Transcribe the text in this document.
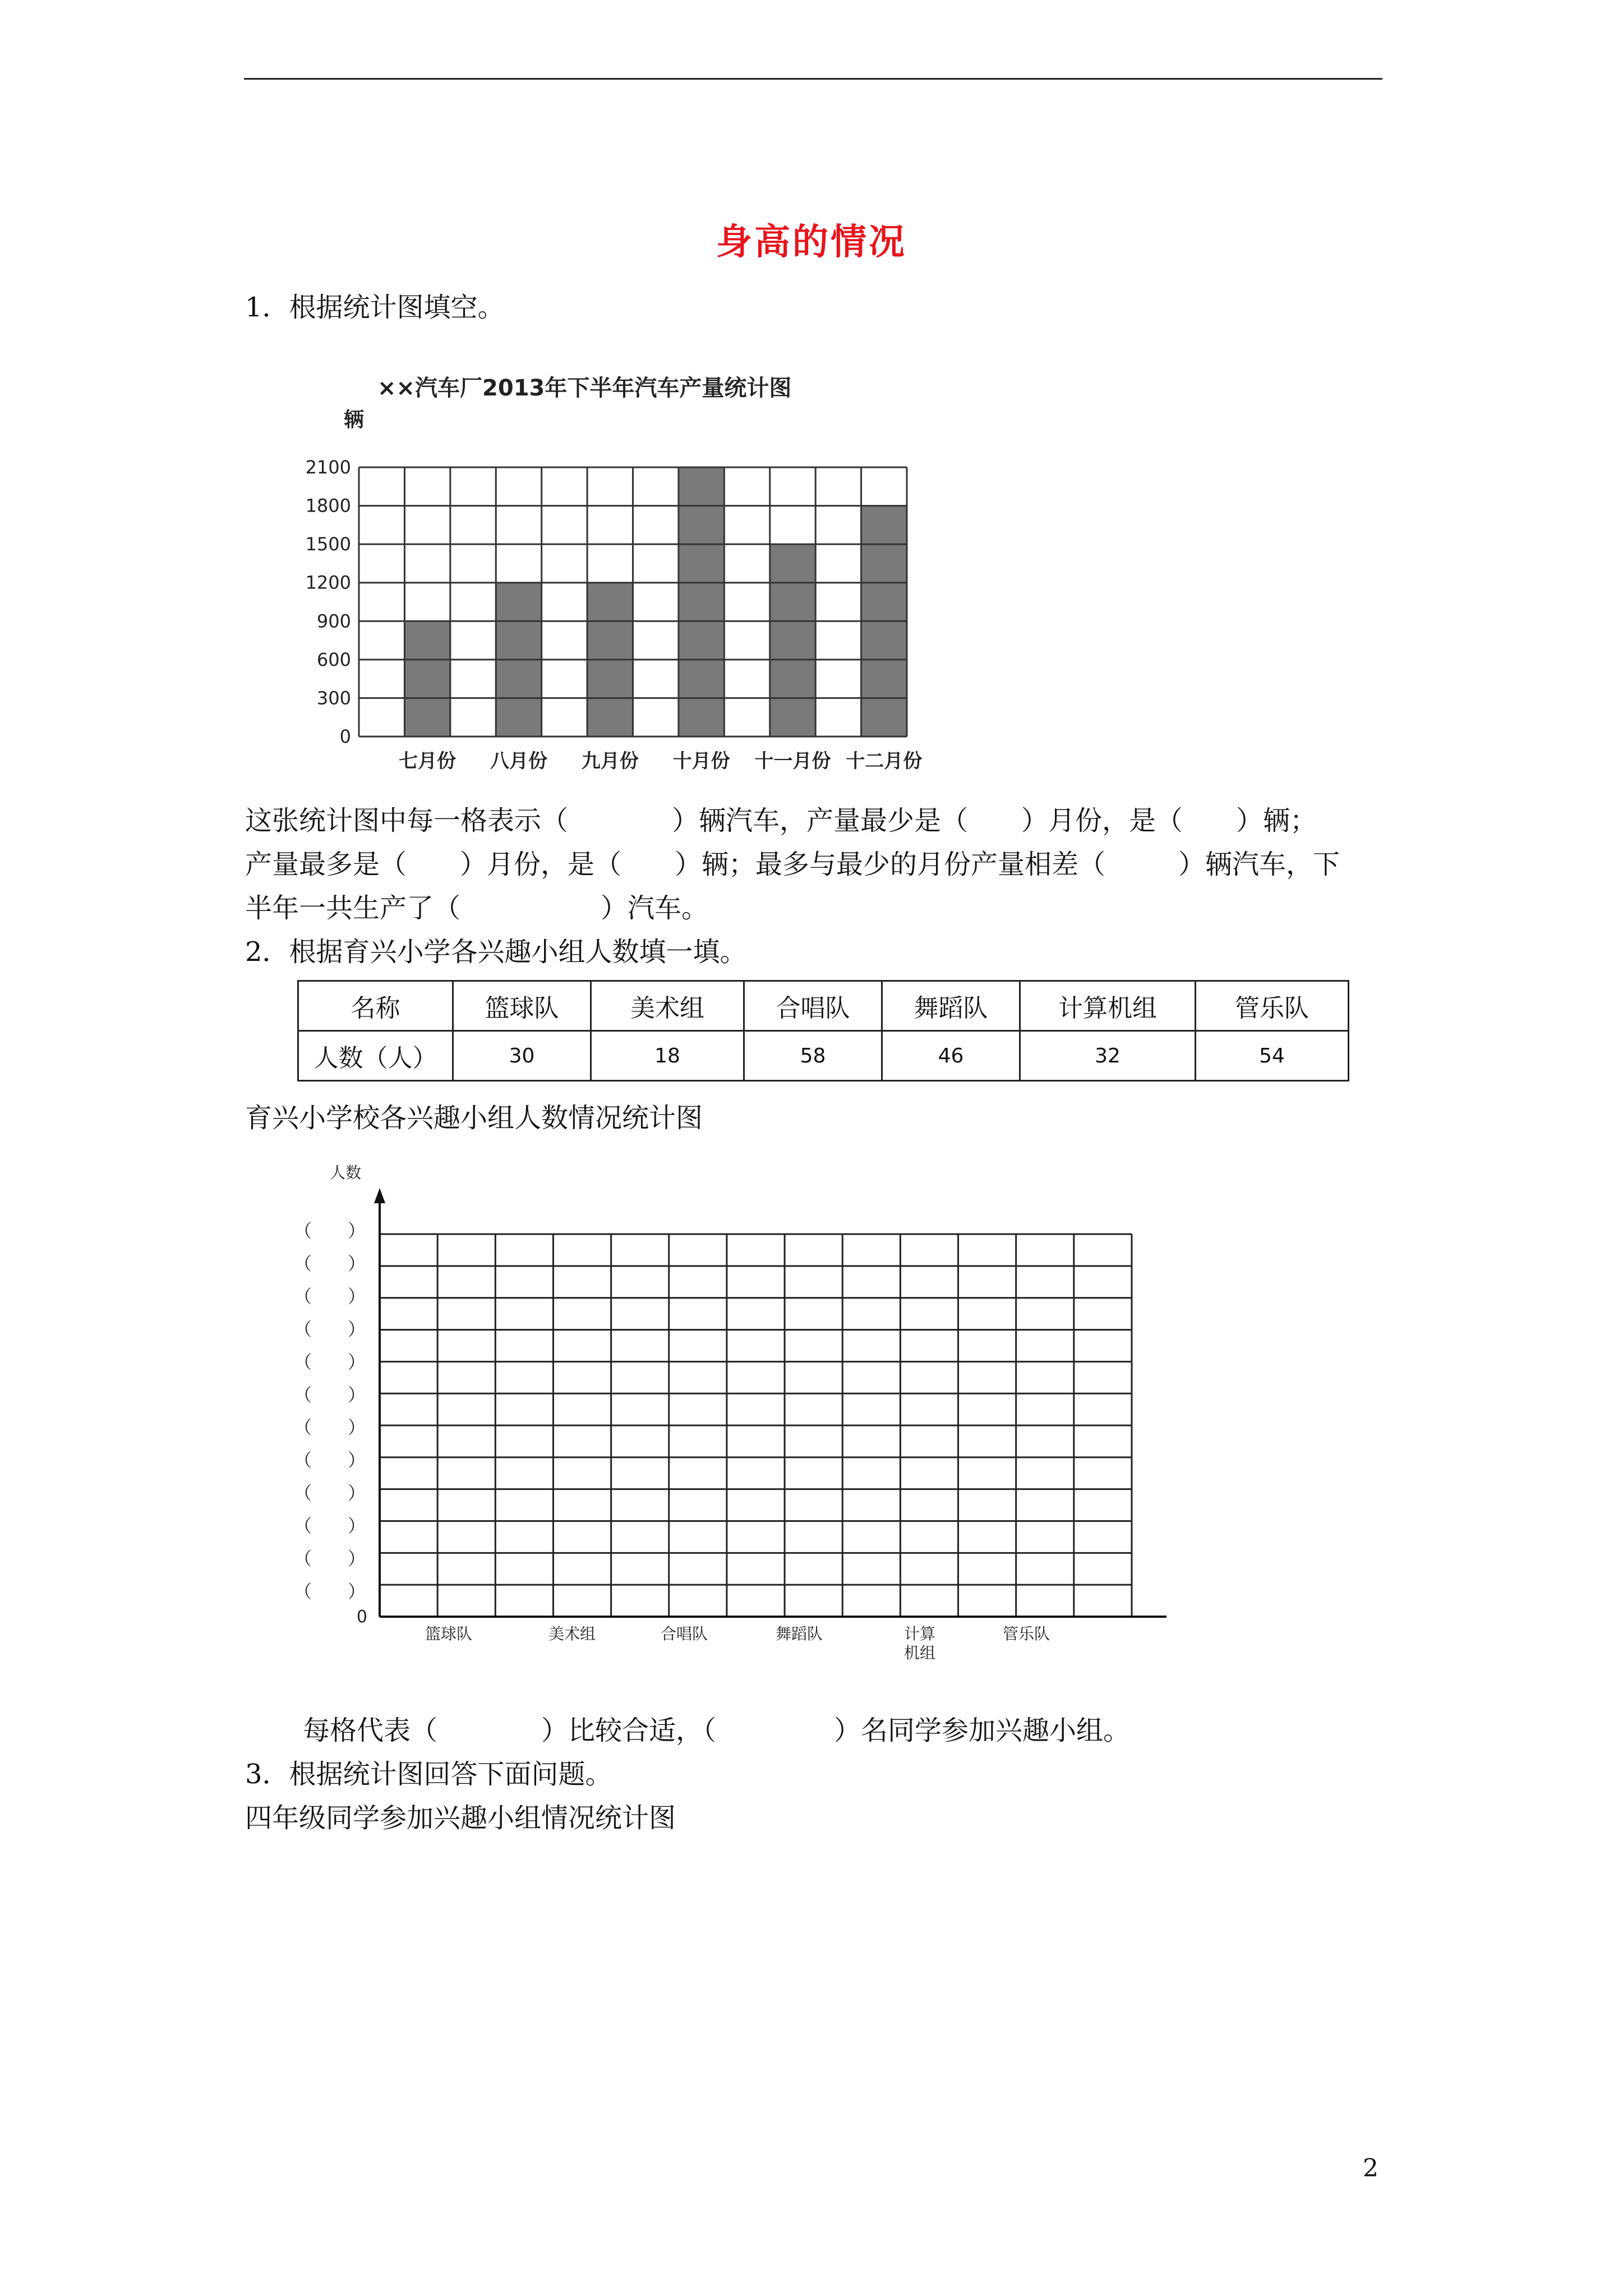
身高的情况
1．根据统计图填空。
××汽车厂2013年下半年汽车产量统计图
辆
0
300
600
900
1200
1500
1800
2100
七月份 八月份 九月份 十月份 十一月份 十二月份
这张统计图中每一格表示（	）辆汽车，产量最少是（ ）月份，是（ ）辆；
产量最多是（ ）月份，是（ ）辆；最多与最少的月份产量相差（	）辆汽车，下
半年一共生产了（	）汽车。
2．根据育兴小学各兴趣小组人数填一填。
名称	篮球队	美术组	合唱队	舞蹈队	计算机组	管乐队
人数（人）	30	18	58	46	32	54
育兴小学校各兴趣小组人数情况统计图
人数
0
（　　）
（　　）
（　　）
（　　）
（　　）
（　　）
（　　）
（　　）
（　　）
（　　）
（　　）
（　　）
篮球队	美术组	合唱队	舞蹈队	计算
机组
管乐队
每格代表（	）比较合适，（	）名同学参加兴趣小组。
3．根据统计图回答下面问题。
四年级同学参加兴趣小组情况统计图
2
